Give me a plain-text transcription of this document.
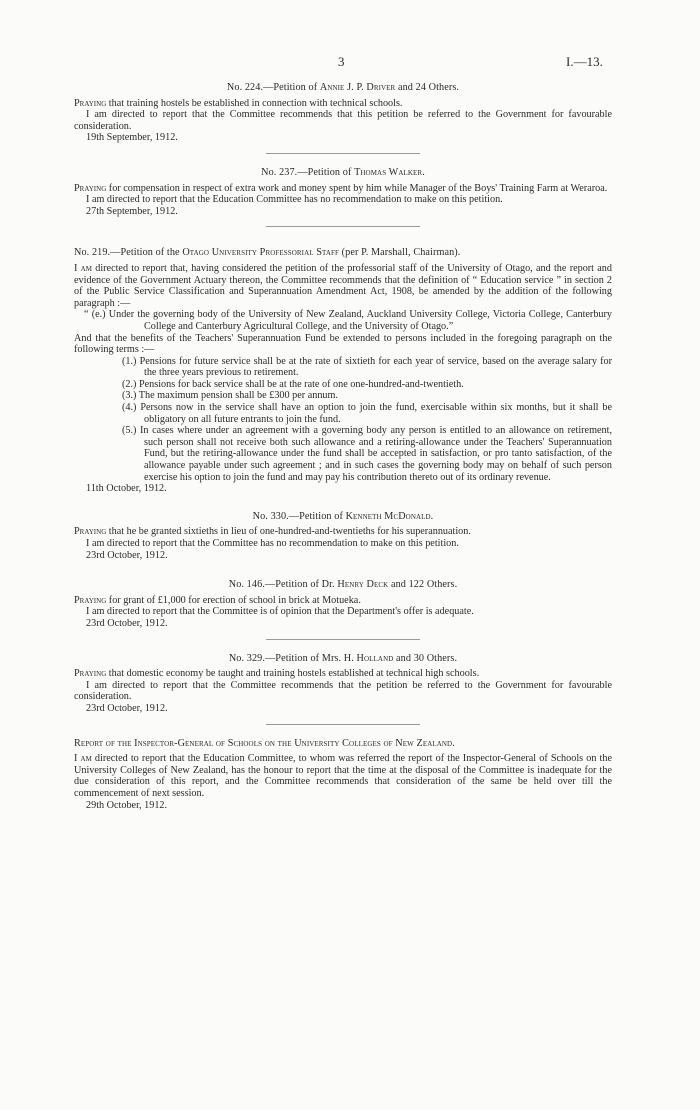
3	I.—13.
No. 224.—Petition of Annie J. P. Driver and 24 Others.

Praying that training hostels be established in connection with technical schools.

I am directed to report that the Committee recommends that this petition be referred to the Government for favourable consideration.

19th September, 1912.

No. 237.—Petition of Thomas Walker.

Praying for compensation in respect of extra work and money spent by him while Manager of the Boys' Training Farm at Weraroa.

I am directed to report that the Education Committee has no recommendation to make on this petition.

27th September, 1912.

No. 219.—Petition of the Otago University Professorial Staff (per P. Marshall, Chairman).

I am directed to report that, having considered the petition of the professorial staff of the University of Otago, and the report and evidence of the Government Actuary thereon, the Committee recommends that the definition of “ Education service ” in section 2 of the Public Service Classification and Superannuation Amendment Act, 1908, be amended by the addition of the following paragraph :—

“ (e.) Under the governing body of the University of New Zealand, Auckland University College, Victoria College, Canterbury College and Canterbury Agricultural College, and the University of Otago.”

And that the benefits of the Teachers' Superannuation Fund be extended to persons included in the foregoing paragraph on the following terms :—

(1.) Pensions for future service shall be at the rate of sixtieth for each year of service, based on the average salary for the three years previous to retirement.
(2.) Pensions for back service shall be at the rate of one one-hundred-and-twentieth.
(3.) The maximum pension shall be £300 per annum.
(4.) Persons now in the service shall have an option to join the fund, exercisable within six months, but it shall be obligatory on all future entrants to join the fund.
(5.) In cases where under an agreement with a governing body any person is entitled to an allowance on retirement, such person shall not receive both such allowance and a retiring-allowance under the Teachers' Superannuation Fund, but the retiring-allowance under the fund shall be accepted in satisfaction, or pro tanto satisfaction, of the allowance payable under such agreement ; and in such cases the governing body may on behalf of such person exercise his option to join the fund and may pay his contribution thereto out of its ordinary revenue.

11th October, 1912.

No. 330.—Petition of Kenneth McDonald.

Praying that he be granted sixtieths in lieu of one-hundred-and-twentieths for his superannuation.

I am directed to report that the Committee has no recommendation to make on this petition.

23rd October, 1912.

No. 146.—Petition of Dr. Henry Deck and 122 Others.

Praying for grant of £1,000 for erection of school in brick at Motueka.

I am directed to report that the Committee is of opinion that the Department's offer is adequate.

23rd October, 1912.

No. 329.—Petition of Mrs. H. Holland and 30 Others.

Praying that domestic economy be taught and training hostels established at technical high schools.

I am directed to report that the Committee recommends that the petition be referred to the Government for favourable consideration.

23rd October, 1912.

Report of the Inspector-General of Schools on the University Colleges of New Zealand.

I am directed to report that the Education Committee, to whom was referred the report of the Inspector-General of Schools on the University Colleges of New Zealand, has the honour to report that the time at the disposal of the Committee is inadequate for the due consideration of this report, and the Committee recommends that consideration of the same be held over till the commencement of next session.

29th October, 1912.
